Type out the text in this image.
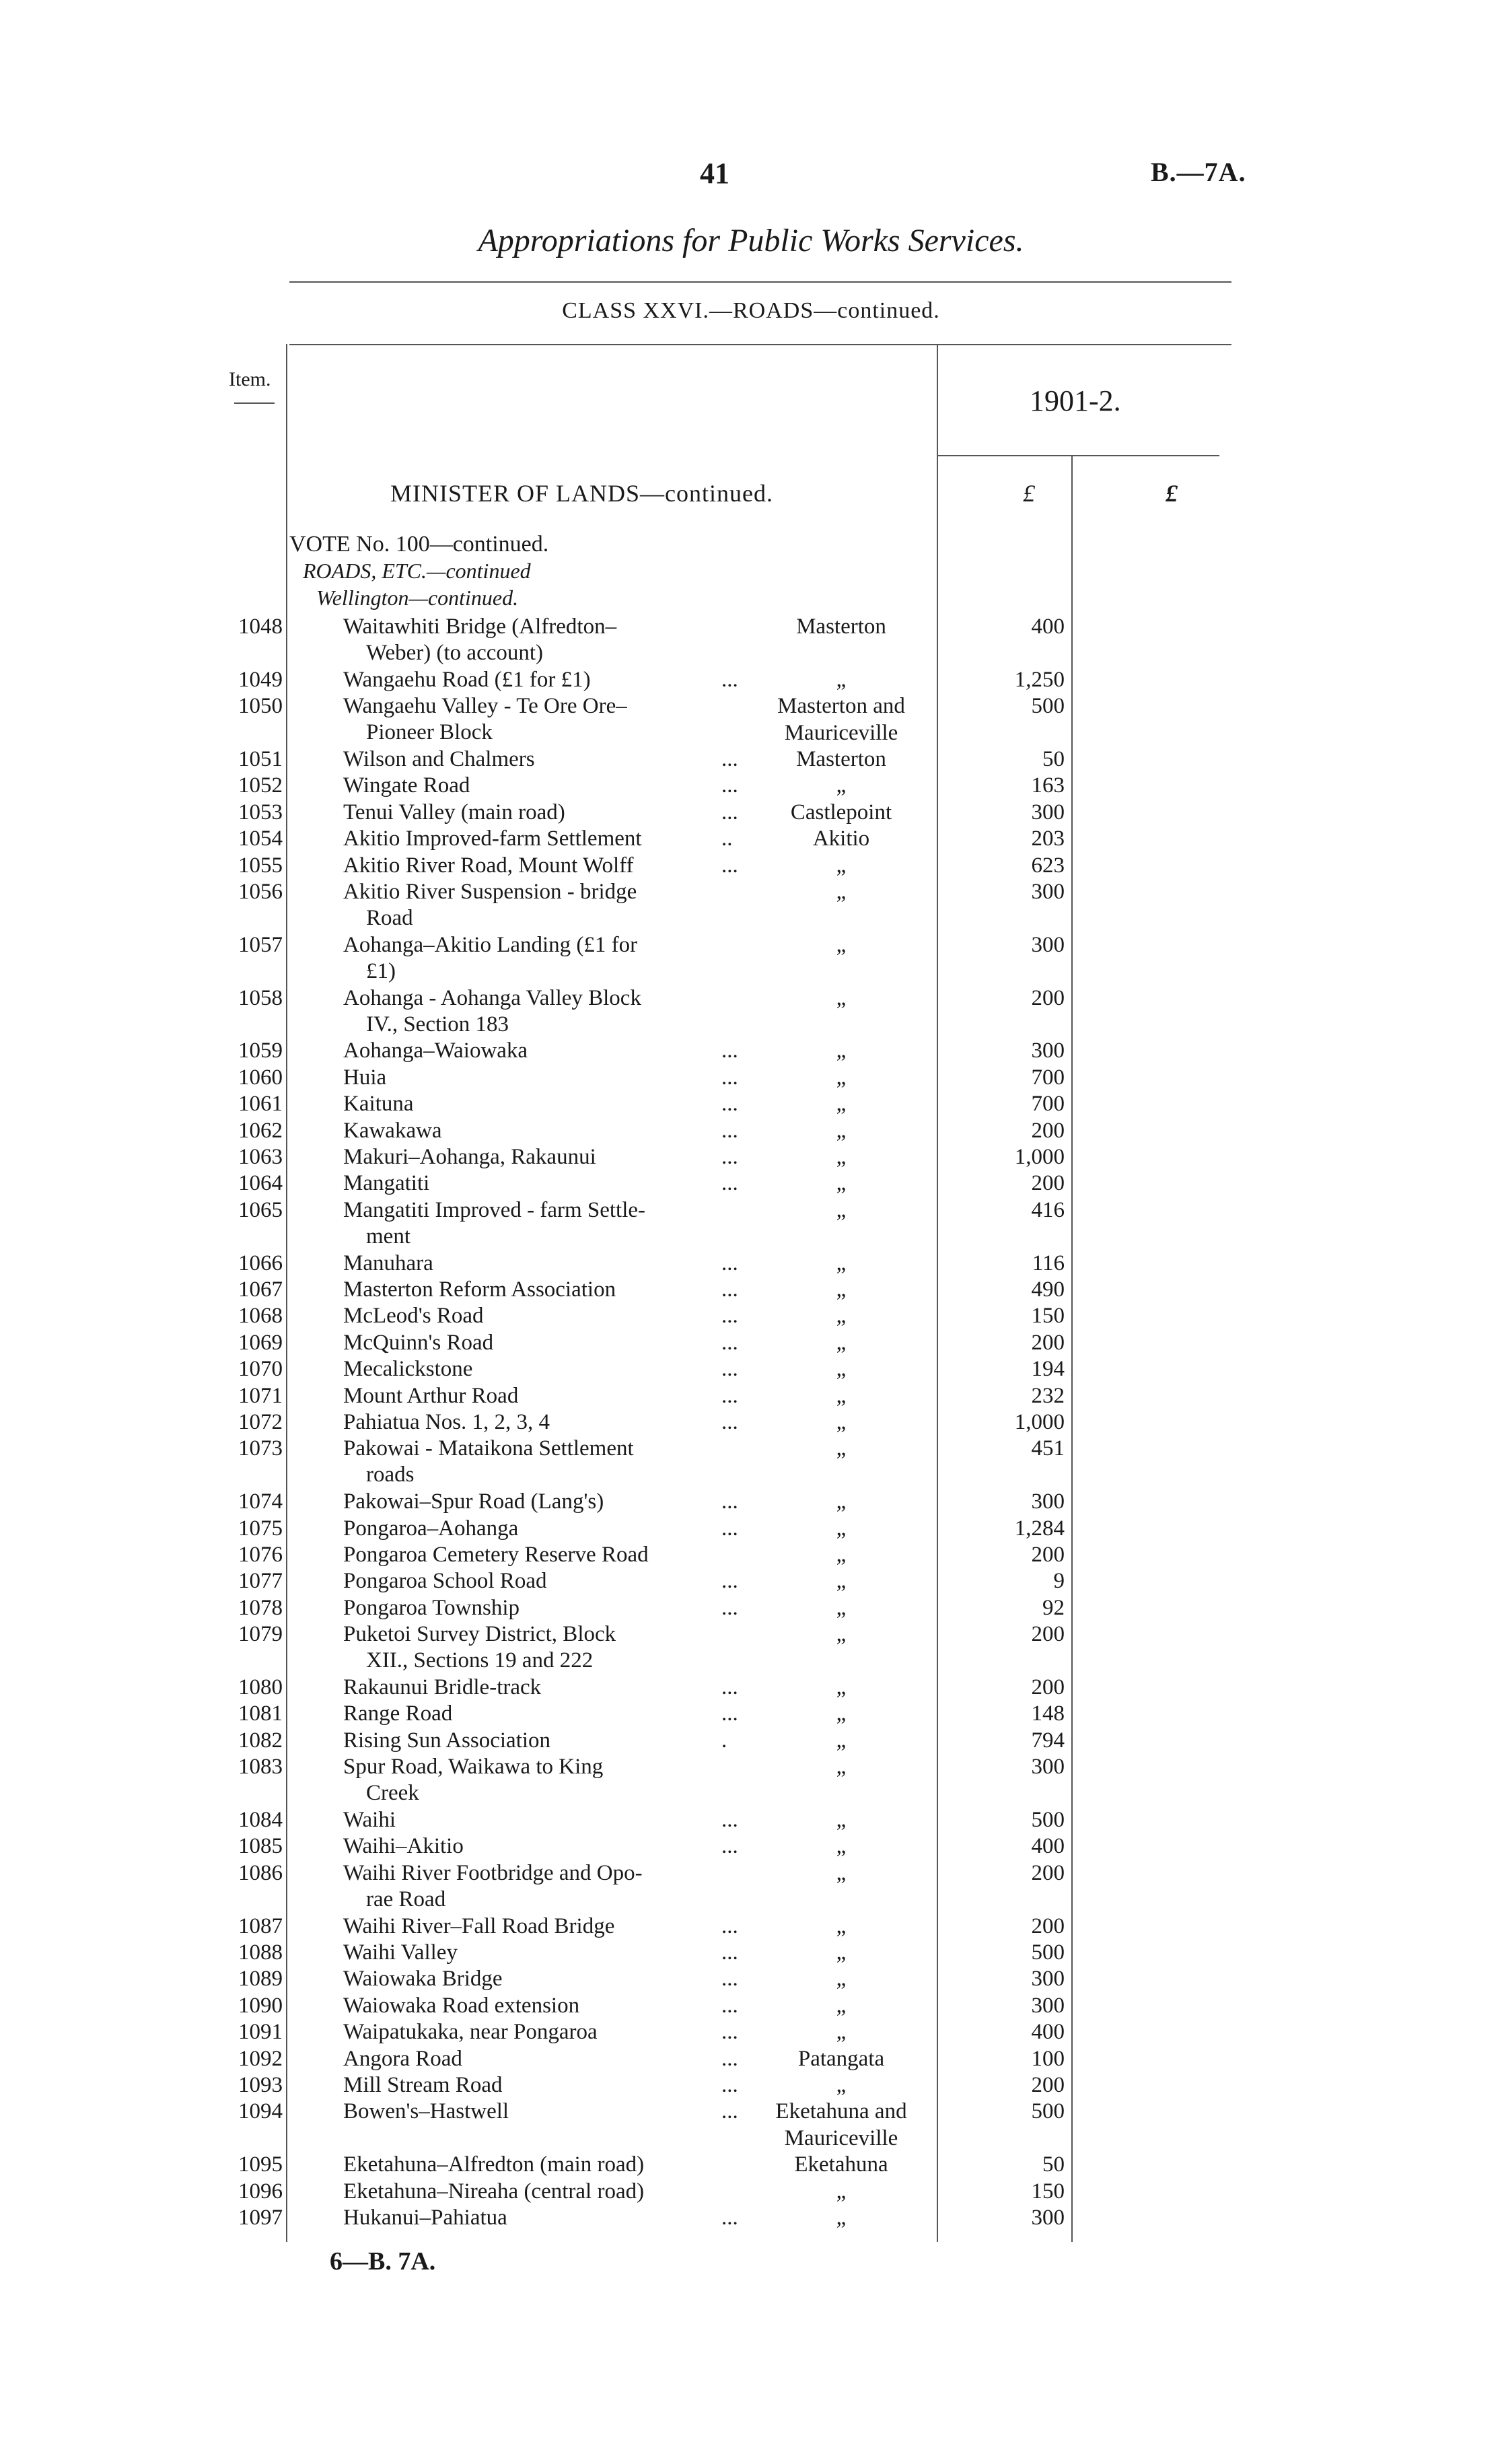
41	B.—7A.
Appropriations for Public Works Services.
CLASS XXVI.—ROADS—continued.
Item.
1901-2.
MINISTER OF LANDS—continued.	£	£
VOTE No. 100—continued.
ROADS, ETC.—continued
Wellington—continued.
1048	Waitawhiti Bridge (Alfredton–
Weber) (to account)
Masterton	400
1049	Wangaehu Road (£1 for £1)	...	„	1,250
1050	Wangaehu Valley - Te Ore Ore–
Pioneer Block
Masterton and
Mauriceville
500
1051	Wilson and Chalmers	...	Masterton	50
1052	Wingate Road	...	„	163
1053	Tenui Valley (main road)	...	Castlepoint	300
1054	Akitio Improved-farm Settlement	..	Akitio	203
1055	Akitio River Road, Mount Wolff	...	„	623
1056	Akitio River Suspension - bridge
Road
„	300
1057	Aohanga–Akitio Landing (£1 for
£1)
„	300
1058	Aohanga - Aohanga Valley Block
IV., Section 183
„	200
1059	Aohanga–Waiowaka	...	„	300
1060	Huia	...	„	700
1061	Kaituna	...	„	700
1062	Kawakawa	...	„	200
1063	Makuri–Aohanga, Rakaunui	...	„	1,000
1064	Mangatiti	...	„	200
1065	Mangatiti Improved - farm Settle-
ment
„	416
1066	Manuhara	...	„	116
1067	Masterton Reform Association	...	„	490
1068	McLeod's Road	...	„	150
1069	McQuinn's Road	...	„	200
1070	Mecalickstone	...	„	194
1071	Mount Arthur Road	...	„	232
1072	Pahiatua Nos. 1, 2, 3, 4	...	„	1,000
1073	Pakowai - Mataikona Settlement
roads
„	451
1074	Pakowai–Spur Road (Lang's)	...	„	300
1075	Pongaroa–Aohanga	...	„	1,284
1076	Pongaroa Cemetery Reserve Road	„	200
1077	Pongaroa School Road	...	„	9
1078	Pongaroa Township	...	„	92
1079	Puketoi Survey District, Block
XII., Sections 19 and 222
„	200
1080	Rakaunui Bridle-track	...	„	200
1081	Range Road	...	„	148
1082	Rising Sun Association	.	„	794
1083	Spur Road, Waikawa to King
Creek
„	300
1084	Waihi	...	„	500
1085	Waihi–Akitio	...	„	400
1086	Waihi River Footbridge and Opo-
rae Road
„	200
1087	Waihi River–Fall Road Bridge	...	„	200
1088	Waihi Valley	...	„	500
1089	Waiowaka Bridge	...	„	300
1090	Waiowaka Road extension	...	„	300
1091	Waipatukaka, near Pongaroa	...	„	400
1092	Angora Road	...	Patangata	100
1093	Mill Stream Road	...	„	200
1094	Bowen's–Hastwell	...	Eketahuna and
Mauriceville
500
1095	Eketahuna–Alfredton (main road)	Eketahuna	50
1096	Eketahuna–Nireaha (central road)	„	150
1097	Hukanui–Pahiatua	...	„	300
6—B. 7A.
